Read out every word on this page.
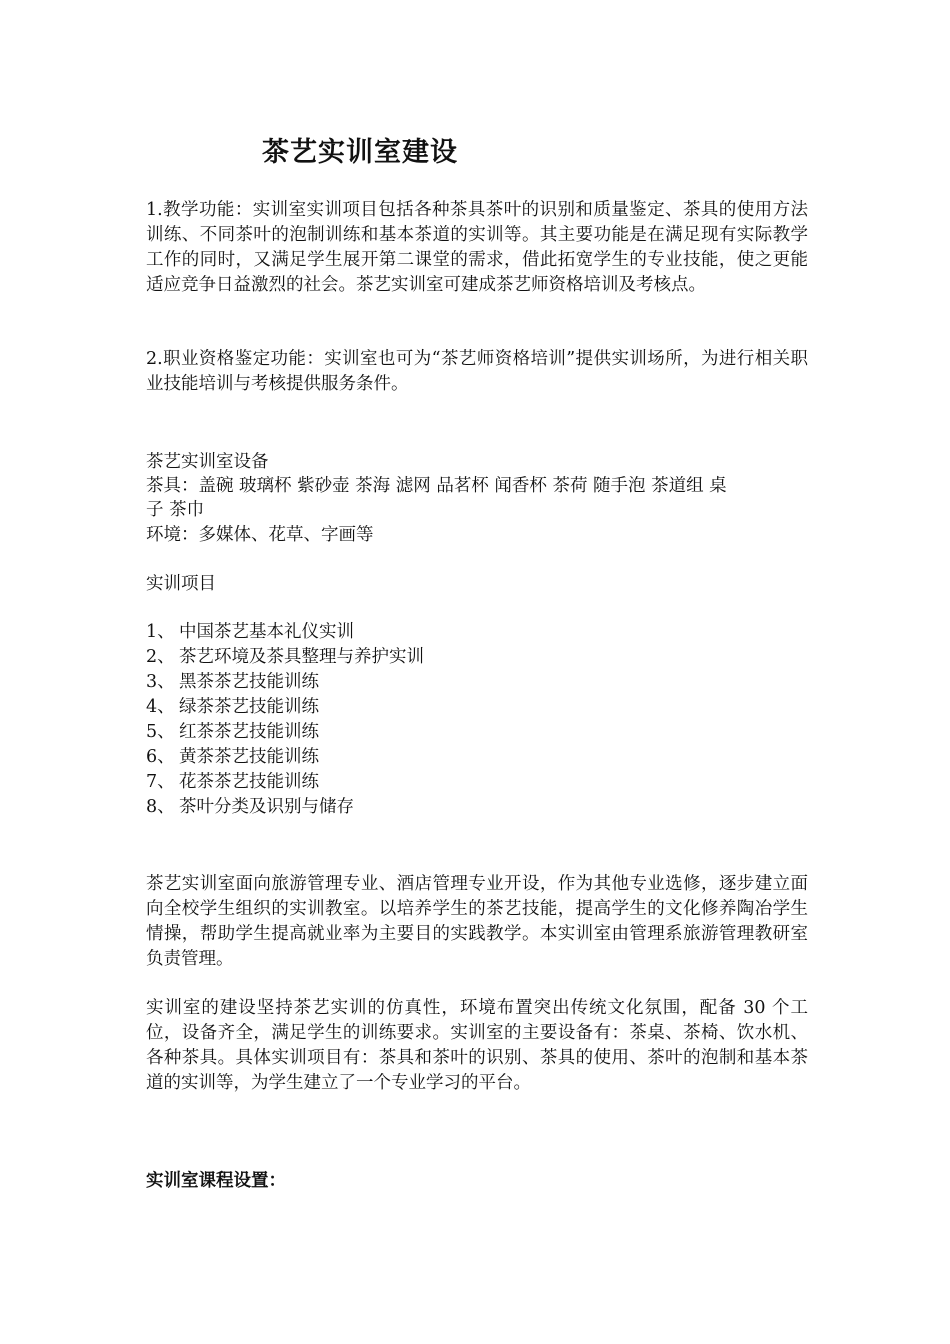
茶艺实训室建设
1.教学功能：实训室实训项目包括各种茶具茶叶的识别和质量鉴定、茶具的使用方法训练、不同茶叶的泡制训练和基本茶道的实训等。其主要功能是在满足现有实际教学工作的同时，又满足学生展开第二课堂的需求，借此拓宽学生的专业技能，使之更能适应竞争日益激烈的社会。茶艺实训室可建成茶艺师资格培训及考核点。
2.职业资格鉴定功能：实训室也可为“茶艺师资格培训”提供实训场所，为进行相关职业技能培训与考核提供服务条件。
茶艺实训室设备
茶具：盖碗 玻璃杯 紫砂壶 茶海 滤网 品茗杯 闻香杯 茶荷 随手泡 茶道组 桌
子 茶巾
环境：多媒体、花草、字画等
实训项目
1、 中国茶艺基本礼仪实训
2、 茶艺环境及茶具整理与养护实训
3、 黑茶茶艺技能训练
4、 绿茶茶艺技能训练
5、 红茶茶艺技能训练
6、 黄茶茶艺技能训练
7、 花茶茶艺技能训练
8、 茶叶分类及识别与储存
茶艺实训室面向旅游管理专业、酒店管理专业开设，作为其他专业选修，逐步建立面向全校学生组织的实训教室。以培养学生的茶艺技能，提高学生的文化修养陶冶学生情操，帮助学生提高就业率为主要目的实践教学。本实训室由管理系旅游管理教研室负责管理。
实训室的建设坚持茶艺实训的仿真性，环境布置突出传统文化氛围，配备 30 个工位，设备齐全，满足学生的训练要求。实训室的主要设备有：茶桌、茶椅、饮水机、各种茶具。具体实训项目有：茶具和茶叶的识别、茶具的使用、茶叶的泡制和基本茶道的实训等，为学生建立了一个专业学习的平台。
实训室课程设置：
